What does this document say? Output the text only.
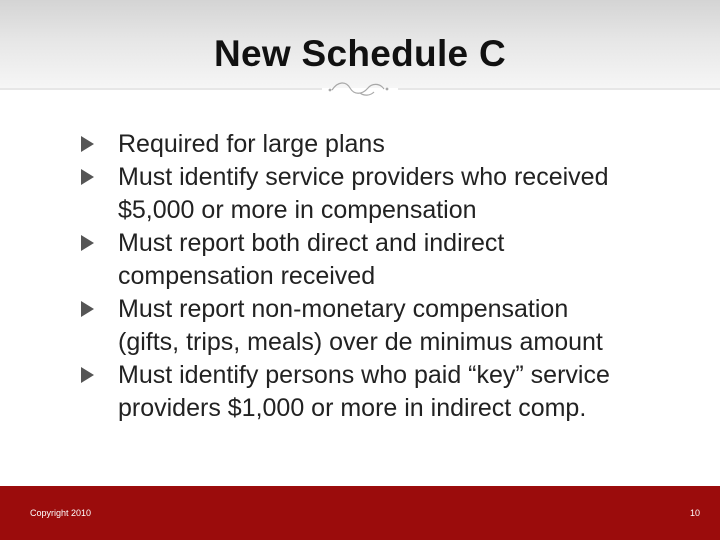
New Schedule C
Required for large plans
Must identify service providers who received
$5,000 or more in compensation
Must report both direct and indirect
compensation received
Must report non-monetary compensation
(gifts, trips, meals) over de minimus amount
Must identify persons who paid “key” service
providers $1,000 or more in indirect comp.
Copyright 2010	10
